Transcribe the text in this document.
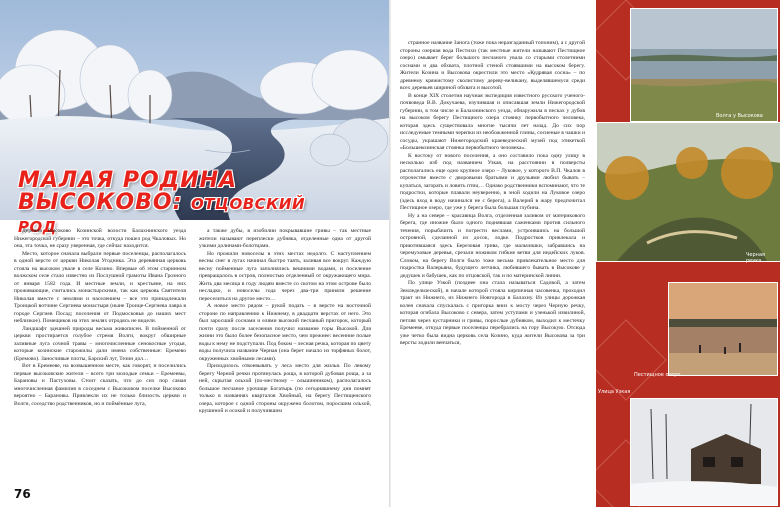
МАЛАЯ РОДИНА
ВЫСОКОВО: ОТЦОВСКИЙ РОД

Деревня Высоково Козинской волости Балахнинского уезда Нижегородской губернии – это точка, откуда пошел род Чкаловых. Но она, эта точка, не сразу уверенная, где сейчас находится.

Место, которое сначала выбрали первые поселенцы, располагалось в одной версте от церкви Николая Угодника. Эта деревянная церковь стояла на высоком увале в селе Козино. Впервые об этом старинном волжском селе стало известно из Послушной грамоты Ивана Грозного от января 1582 года. И местные земли, и крестьяне, на них проживающие, считались монастырскими, так как церковь Святителя Николая вместе с землями и населением – все это принадлежали Троицкой вотчине Сергиева монастыря (ныне Троице-Сергиева лавра в городе Сергиев Посад; поселения от Подмосковья до наших мест неблизкое). Помещиков на этих землях отродясь не видели.

Ландшафт здешней природы весьма живописен. В пойменной от церкви простирается голубое стремя Волги, вокруг обширные заливные луга сочной травы – многочисленные сенокосные угодья, которые козинские старожилы дали имена собственные: Еремево (Еремово). Заносчивые плоты, Барский луг, Тезин дол…

Вот в Еремееве, на возвышенном месте, как говорят, и поселились первые высоковские жители – всего три молодые семьи – Еремеевы, Барановы и Пастуховы. Стоит сказать, что до сих пор самая многочисленная фамилия в соседнем с Высоковом поселке Высоково вероятно – Барановы. Привлекли их не только близость церкви и Волги, соседство родственников, но и поймённые луга,

а также дубы, в изобилии покрывавшие гривы – так местные жители называют переплески дубняка, отделенные одна от другой узкими долинами-болотцами.

Но прожили новоселы в этих местах недолго. С наступлением весны снег в лугах начинал быстро таять, заливая все вокруг. Каждую весну пойменные луга заполнялись вешними водами, и поселение превращалось в остров, полностью отделенный от окружающего мира. Жить два месяца в году людям вместе со скотом на этом острове было несладко, и новоселы года через два-три приняли решение переселиться на другое место…

А новое место рядом – рукой подать – в версте на восточной стороне по направлению к Нижнему, в двадцати верстах от него. Это был заросший соснами и елями высокий песчаный пригорок, который почти сразу после заселения получил название горы Высокой. Для жизни это было более безопасное место, чем прежнее: весенние полые воды к нему не подступали. Под боком – лесная речка, которая по цвету воды получила название Черная (она берет начало из торфяных болот, окруженных хвойными лесами).

Приходилось отвоевывать у леса место для жилья. По левому берегу Черной речки протянулась роща, в которой дубовая роща, а за ней, скрытая ольхой (по-местному – ольшинником), располагалось большое песчаное урочище Богатырь (по сегодняшнему дня помнят только в названиях кварталов Хвойный, на берегу Пестищенского озера, которое с одной стороны окружено болотом, поросшим ольхой, крушиной и осокой и получившим

76

странное название Занога (тоже пока неразгаданный топоним), а с другой стороны озерная вода Пестихи (так местные жители называют Пестищное озеро) омывает берег большого песчаного увала со старыми столетними соснами и два обхвата, плотной стеной стоявшими на высоком берегу. Жители Козина и Высокова окрестили это место «Кудрявая сосна» – по древнему кряжистому сколистому дереву-великану, выделявшемуся среди всех деревьев шириной обхвата и высотой.

В конце XIX столетия научная экспедиция известного русского ученого-почвоведа В.В. Докучаева, изучившая и описавшая земли Нижегородской губернии, в том числе и Балахнинского уезда, обнаружила в песках у дубов на высоком берегу Пестищного озера стоянку первобытного человека, которая здесь существовала многие тысячи лет назад. До сих пор исследуемые темными черепки из необожженной глины, сосиеные в чашки и сосуды, украшают Нижегородский краеведческий музей под этикеткой «Большекозинская стоянка первобытного человека».

К востоку от нового поселения, а оно составило пока одну улицу в несколько изб под названием Узкая, на расстоянии в полверсты располагались еще одно крупное озеро – Луковое, у которого В.П. Чкалов в отрочестве вместе с дворовыми братьями и друзьями любил бывать – купаться, загорать и ловить птиц… Однако родственники вспоминают, что те подростки, которые плавали неуверенно, в эной ходили на Луковое озеро (здесь вход в воду начинался не с берега), а Валерий в жару предпочитал Пестищное озеро, где уже у берега была большая глубина.

Ну а на севере – красавица Волга, отделенная заливом от материкового берега, где иножие было одного поднявшая саженками против сильного течения, порыбачить и погрести веслами, устроившись на большой островной, сделанной из досок, лодке. Подростков привлекала и приютившаяся здесь Березовая грива, где мальчишки, забравшись на черемуховые деревья, срезали ножиком гибкие ветви для индейских луков. Словом, на берегу Волги было тоже весьма привлекательное место для подростка Валерьяна, будущего летчика, любившего бывать в Высокове у дедушек и бабушек, как по отцовской, так и по материнской линии.

По улице Узкой (позднее она стала называться Садовой, а затем Земледельческой), в начале которой стояла кирпичная часовенка, проходил тракт из Нижнего, из Нижнего Новгорода в Балахну. Из улицы дорожкая колея сначала спускалась с пригорка вниз к мосту через Черную речку, которая огибала Высоково с севера, затем уступами и узенькой извилиной, петляя через кустарники и гривы, порослые дубняком, выходил к местечку Еремееве, откуда первые поселенцы перебрались на гору Высокую. Отсюда уже четко была видна церковь села Козино, куда жители Высокова за три версты ходили венчаться,

Волга у Высокова
Черная речка
Пестищное озеро
Улица Узкая
